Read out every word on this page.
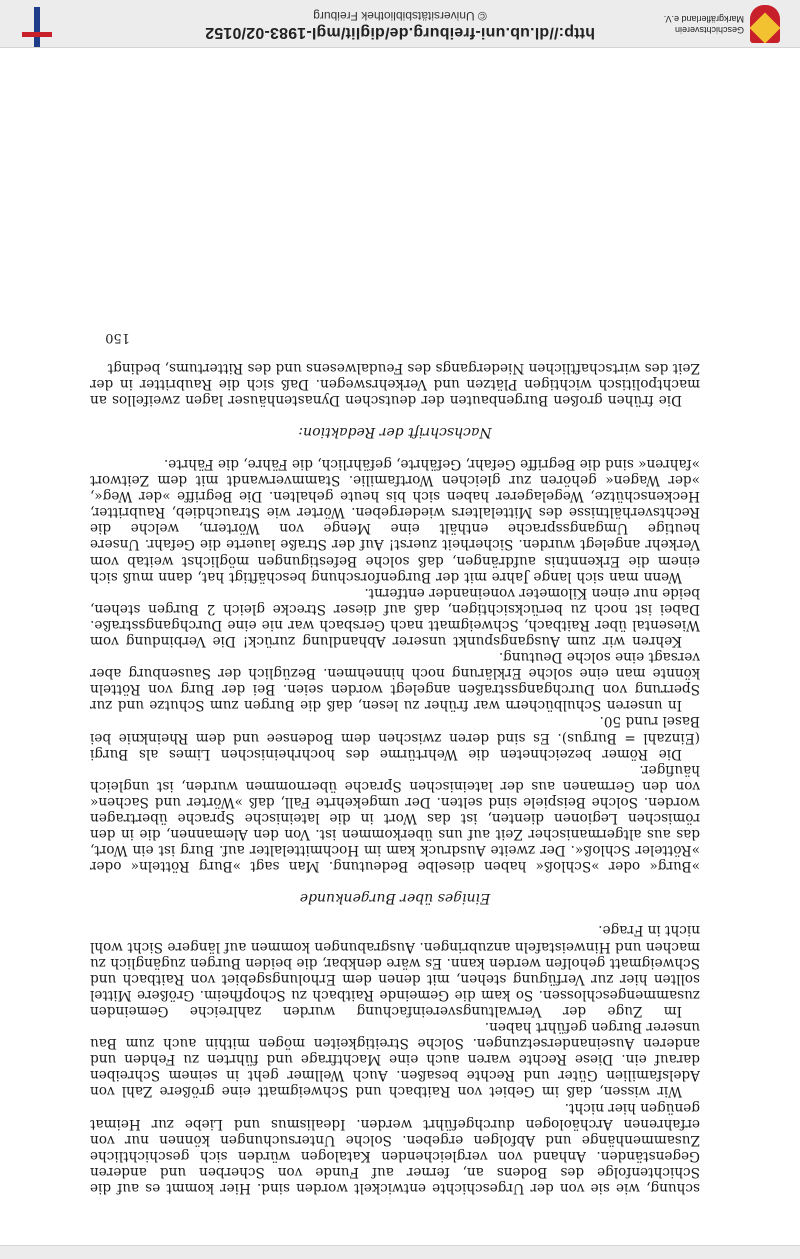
schung, wie sie von der Urgeschichte entwickelt worden sind. Hier kommt es auf die Schichtenfolge des Bodens an, ferner auf Funde von Scherben und anderen Gegenständen. Anhand von vergleichenden Katalogen würden sich geschichtliche Zusammenhänge und Abfolgen ergeben. Solche Untersuchungen können nur von erfahrenen Archäologen durchgeführt werden. Idealismus und Liebe zur Heimat genügen hier nicht.

Wir wissen, daß im Gebiet von Raitbach und Schweigmatt eine größere Zahl von Adelsfamilien Güter und Rechte besaßen. Auch Wellmer geht in seinem Schreiben darauf ein. Diese Rechte waren auch eine Machtfrage und führten zu Fehden und anderen Auseinandersetzungen. Solche Streitigkeiten mögen mithin auch zum Bau unserer Burgen geführt haben.

Im Zuge der Verwaltungsvereinfachung wurden zahlreiche Gemeinden zusammengeschlossen. So kam die Gemeinde Raitbach zu Schopfheim. Größere Mittel sollten hier zur Verfügung stehen, mit denen dem Erholungsgebiet von Raitbach und Schweigmatt geholfen werden kann. Es wäre denkbar, die beiden Burgen zugänglich zu machen und Hinweistafeln anzubringen. Ausgrabungen kommen auf längere Sicht wohl nicht in Frage.

Einiges über Burgenkunde

»Burg« oder »Schloß« haben dieselbe Bedeutung. Man sagt »Burg Rötteln« oder »Rötteler Schloß«. Der zweite Ausdruck kam im Hochmittelalter auf. Burg ist ein Wort, das aus altgermanischer Zeit auf uns überkommen ist. Von den Alemannen, die in den römischen Legionen dienten, ist das Wort in die lateinische Sprache übertragen worden. Solche Beispiele sind selten. Der umgekehrte Fall, daß »Wörter und Sachen« von den Germanen aus der lateinischen Sprache übernommen wurden, ist ungleich häufiger.

Die Römer bezeichneten die Wehrtürme des hochrheinischen Limes als Burgi (Einzahl = Burgus). Es sind deren zwischen dem Bodensee und dem Rheinknie bei Basel rund 50.

In unseren Schulbüchern war früher zu lesen, daß die Burgen zum Schutze und zur Sperrung von Durchgangsstraßen angelegt worden seien. Bei der Burg von Rötteln könnte man eine solche Erklärung noch hinnehmen. Bezüglich der Sausenburg aber versagt eine solche Deutung.

Kehren wir zum Ausgangspunkt unserer Abhandlung zurück! Die Verbindung vom Wiesental über Raitbach, Schweigmatt nach Gersbach war nie eine Durchgangsstraße. Dabei ist noch zu berücksichtigen, daß auf dieser Strecke gleich 2 Burgen stehen, beide nur einen Kilometer voneinander entfernt.

Wenn man sich lange Jahre mit der Burgenforschung beschäftigt hat, dann muß sich einem die Erkenntnis aufdrängen, daß solche Befestigungen möglichst weitab vom Verkehr angelegt wurden. Sicherheit zuerst! Auf der Straße lauerte die Gefahr. Unsere heutige Umgangssprache enthält eine Menge von Wörtern, welche die Rechtsverhältnisse des Mittelalters wiedergeben. Wörter wie Strauchdieb, Raubritter, Heckenschütze, Wegelagerer haben sich bis heute gehalten. Die Begriffe »der Weg«, »der Wagen« gehören zur gleichen Wortfamilie. Stammverwandt mit dem Zeitwort »fahren« sind die Begriffe Gefahr, Gefährte, gefährlich, die Fähre, die Fährte.

Nachschrift der Redaktion:

Die frühen großen Burgenbauten der deutschen Dynastenhäuser lagen zweifellos an machtpolitisch wichtigen Plätzen und Verkehrswegen. Daß sich die Raubritter in der Zeit des wirtschaftlichen Niedergangs des Feudalwesens und des Rittertums, bedingt

150
Geschichtsverein
Markgräflerland e.V.
http://dl.ub.uni-freiburg.de/diglit/mgl-1983-02/0152
© Universitätsbibliothek Freiburg
